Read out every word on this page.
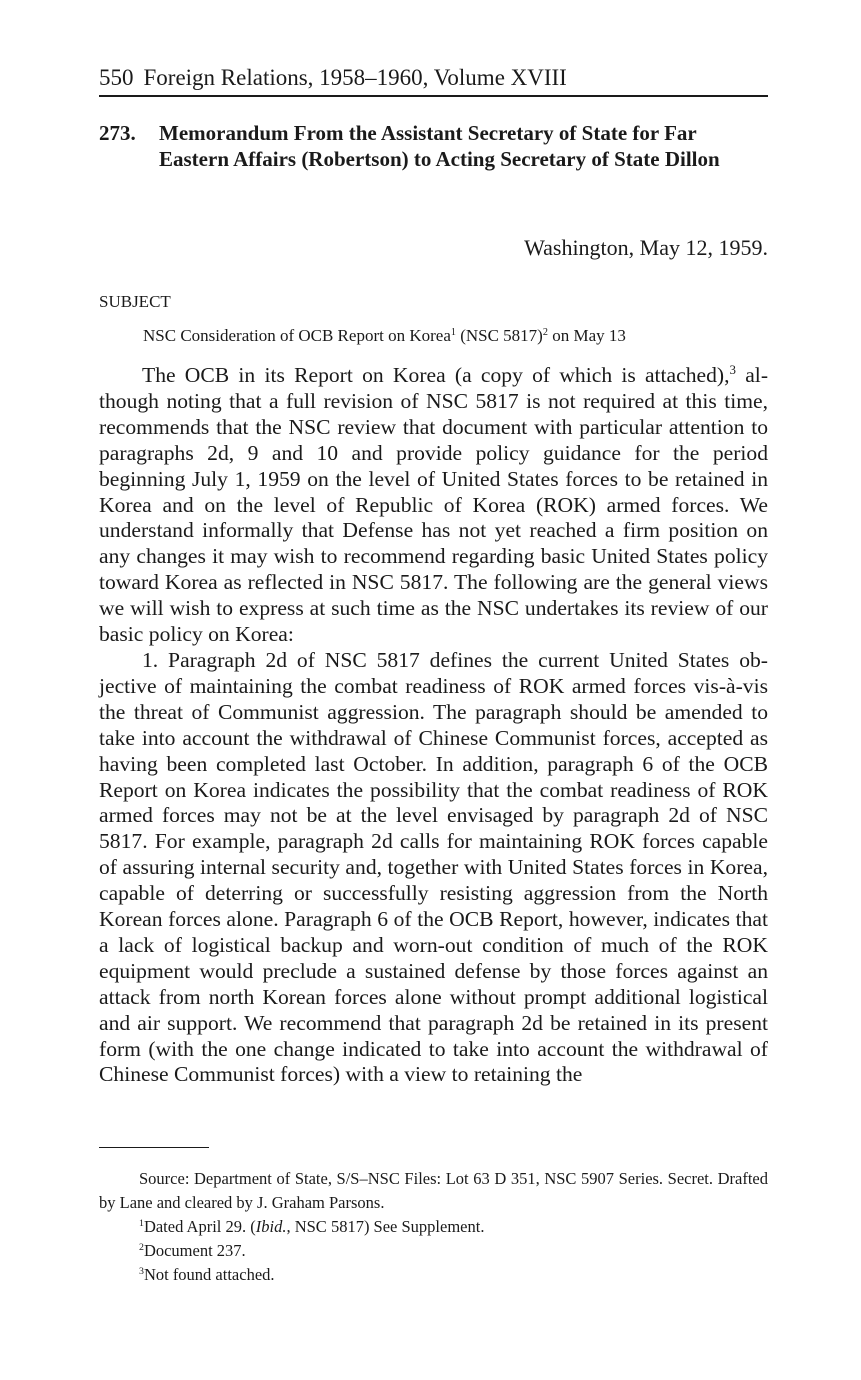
550 Foreign Relations, 1958–1960, Volume XVIII
273. Memorandum From the Assistant Secretary of State for Far Eastern Affairs (Robertson) to Acting Secretary of State Dillon
Washington, May 12, 1959.
SUBJECT
NSC Consideration of OCB Report on Korea$^1$ (NSC 5817)$^2$ on May 13

The OCB in its Report on Korea (a copy of which is attached),$^3$ although noting that a full revision of NSC 5817 is not required at this time, recommends that the NSC review that document with particular attention to paragraphs 2d, 9 and 10 and provide policy guidance for the period beginning July 1, 1959 on the level of United States forces to be retained in Korea and on the level of Republic of Korea (ROK) armed forces. We understand informally that Defense has not yet reached a firm position on any changes it may wish to recommend regarding basic United States policy toward Korea as reflected in NSC 5817. The following are the general views we will wish to express at such time as the NSC undertakes its review of our basic policy on Korea:

1. Paragraph 2d of NSC 5817 defines the current United States objective of maintaining the combat readiness of ROK armed forces vis-à-vis the threat of Communist aggression. The paragraph should be amended to take into account the withdrawal of Chinese Communist forces, accepted as having been completed last October. In addition, paragraph 6 of the OCB Report on Korea indicates the possibility that the combat readiness of ROK armed forces may not be at the level envisaged by paragraph 2d of NSC 5817. For example, paragraph 2d calls for maintaining ROK forces capable of assuring internal security and, together with United States forces in Korea, capable of deterring or successfully resisting aggression from the North Korean forces alone. Paragraph 6 of the OCB Report, however, indicates that a lack of logistical backup and worn-out condition of much of the ROK equipment would preclude a sustained defense by those forces against an attack from north Korean forces alone without prompt additional logistical and air support. We recommend that paragraph 2d be retained in its present form (with the one change indicated to take into account the withdrawal of Chinese Communist forces) with a view to retaining the

Source: Department of State, S/S–NSC Files: Lot 63 D 351, NSC 5907 Series. Secret. Drafted by Lane and cleared by J. Graham Parsons.

$^1$Dated April 29. (Ibid., NSC 5817) See Supplement.

$^2$Document 237.

$^3$Not found attached.
